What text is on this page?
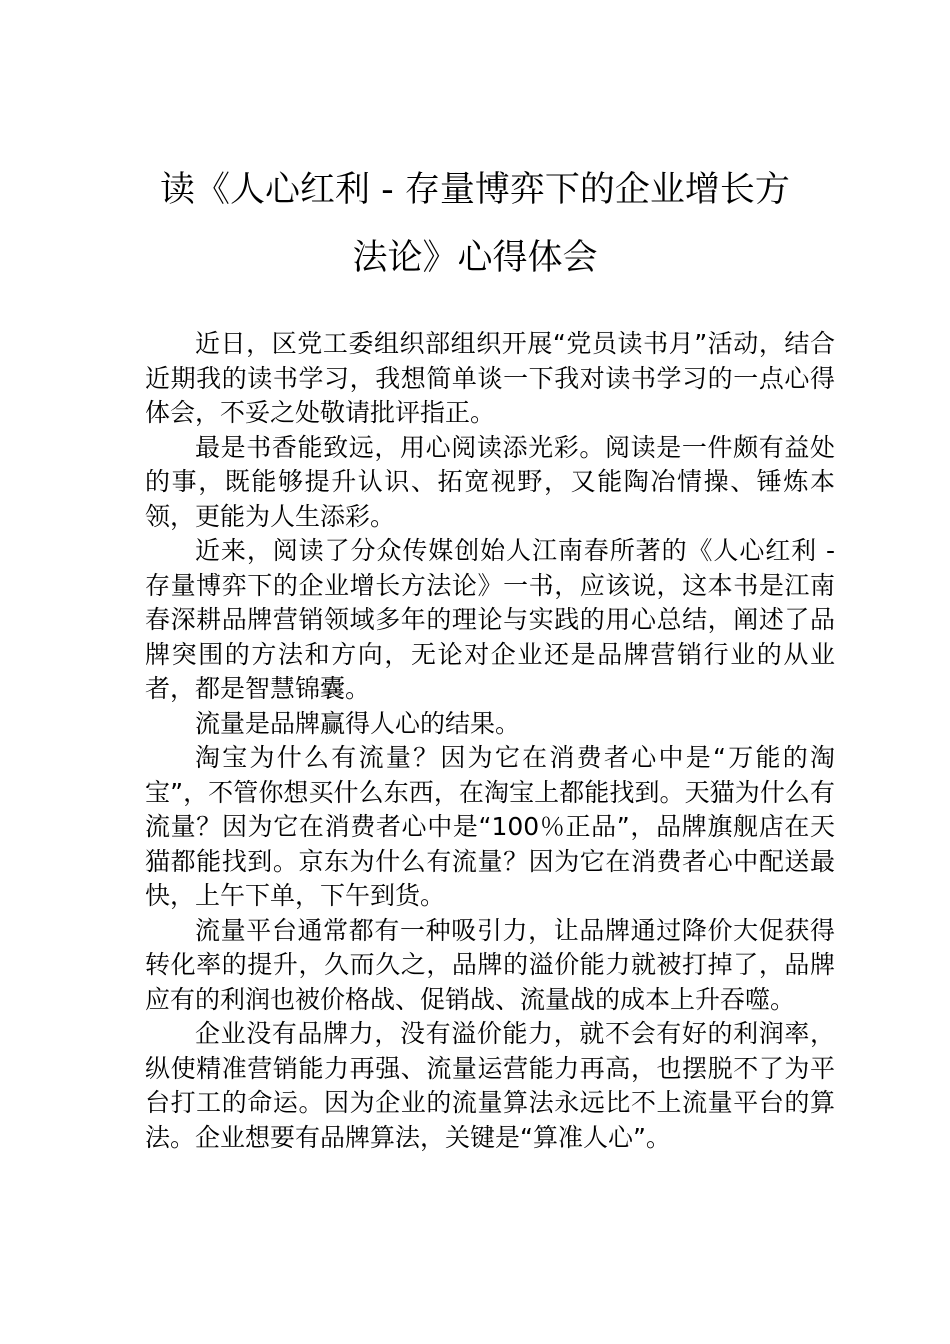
读《人心红利 - 存量博弈下的企业增长方
法论》心得体会

近日，区党工委组织部组织开展“党员读书月”活动，结合近期我的读书学习，我想简单谈一下我对读书学习的一点心得体会，不妥之处敬请批评指正。

最是书香能致远，用心阅读添光彩。阅读是一件颇有益处的事，既能够提升认识、拓宽视野，又能陶冶情操、锤炼本领，更能为人生添彩。

近来，阅读了分众传媒创始人江南春所著的《人心红利 - 存量博弈下的企业增长方法论》一书，应该说，这本书是江南春深耕品牌营销领域多年的理论与实践的用心总结，阐述了品牌突围的方法和方向，无论对企业还是品牌营销行业的从业者，都是智慧锦囊。

流量是品牌赢得人心的结果。

淘宝为什么有流量？因为它在消费者心中是“万能的淘宝”，不管你想买什么东西，在淘宝上都能找到。天猫为什么有流量？因为它在消费者心中是“100％正品”，品牌旗舰店在天猫都能找到。京东为什么有流量？因为它在消费者心中配送最快，上午下单，下午到货。

流量平台通常都有一种吸引力，让品牌通过降价大促获得转化率的提升，久而久之，品牌的溢价能力就被打掉了，品牌应有的利润也被价格战、促销战、流量战的成本上升吞噬。

企业没有品牌力，没有溢价能力，就不会有好的利润率，纵使精准营销能力再强、流量运营能力再高，也摆脱不了为平台打工的命运。因为企业的流量算法永远比不上流量平台的算法。企业想要有品牌算法，关键是“算准人心”。
